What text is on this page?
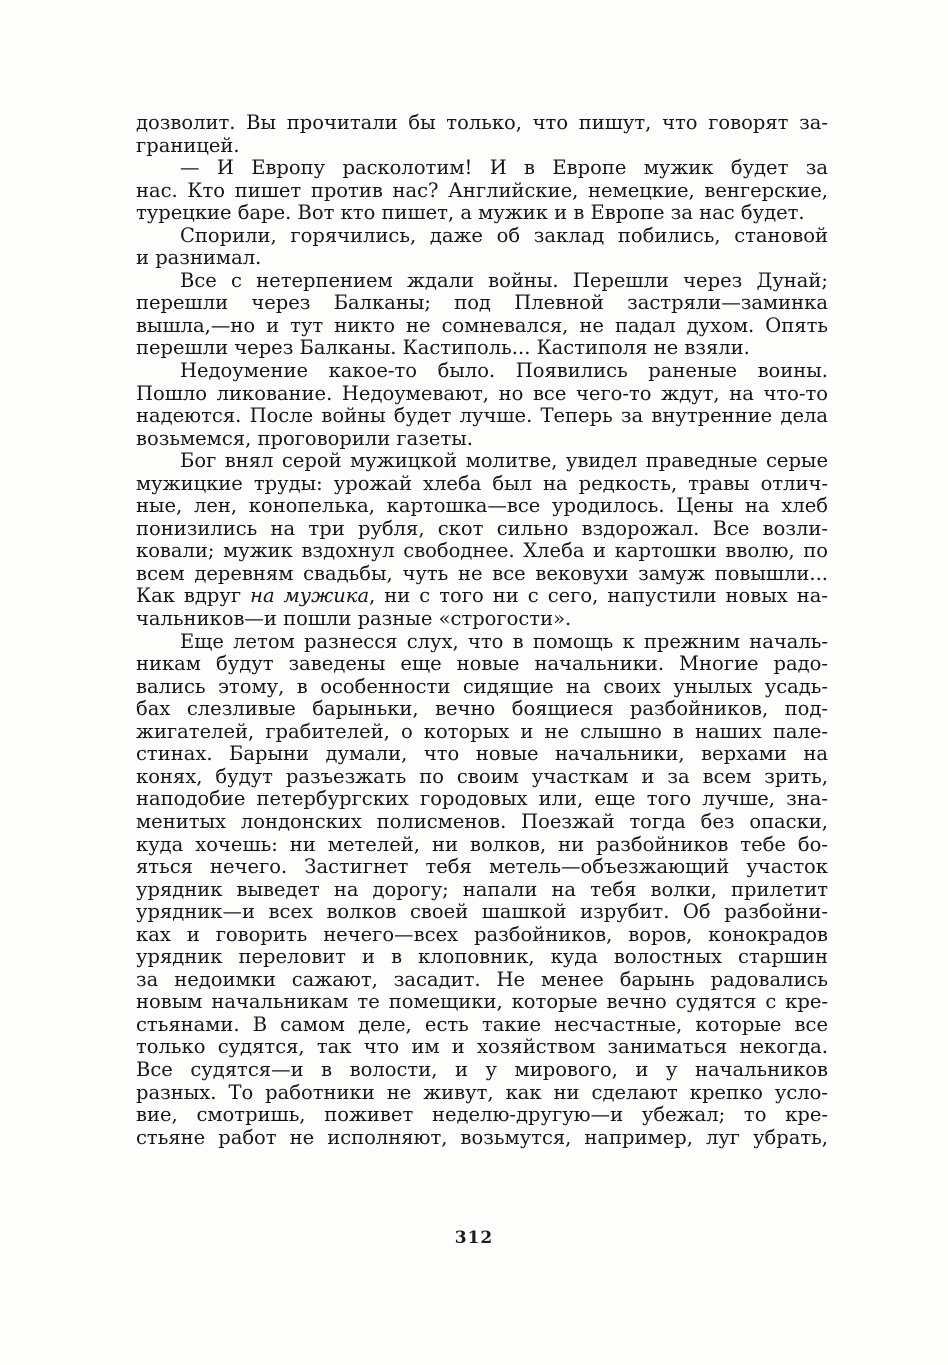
дозволит. Вы прочитали бы только, что пишут, что говорят за-
границей.
— И Европу расколотим! И в Европе мужик будет за
нас. Кто пишет против нас? Английские, немецкие, венгерские,
турецкие баре. Вот кто пишет, а мужик и в Европе за нас будет.
Спорили, горячились, даже об заклад побились, становой
и разнимал.
Все с нетерпением ждали войны. Перешли через Дунай;
перешли через Балканы; под Плевной застряли—заминка
вышла,—но и тут никто не сомневался, не падал духом. Опять
перешли через Балканы. Кастиполь... Кастиполя не взяли.
Недоумение какое-то было. Появились раненые воины.
Пошло ликование. Недоумевают, но все чего-то ждут, на что-то
надеются. После войны будет лучше. Теперь за внутренние дела
возьмемся, проговорили газеты.
Бог внял серой мужицкой молитве, увидел праведные серые
мужицкие труды: урожай хлеба был на редкость, травы отлич-
ные, лен, конопелька, картошка—все уродилось. Цены на хлеб
понизились на три рубля, скот сильно вздорожал. Все возли-
ковали; мужик вздохнул свободнее. Хлеба и картошки вволю, по
всем деревням свадьбы, чуть не все вековухи замуж повышли...
Как вдруг на мужика, ни с того ни с сего, напустили новых на-
чальников—и пошли разные «строгости».
Еще летом разнесся слух, что в помощь к прежним началь-
никам будут заведены еще новые начальники. Многие радо-
вались этому, в особенности сидящие на своих унылых усадь-
бах слезливые барыньки, вечно боящиеся разбойников, под-
жигателей, грабителей, о которых и не слышно в наших пале-
стинах. Барыни думали, что новые начальники, верхами на
конях, будут разъезжать по своим участкам и за всем зрить,
наподобие петербургских городовых или, еще того лучше, зна-
менитых лондонских полисменов. Поезжай тогда без опаски,
куда хочешь: ни метелей, ни волков, ни разбойников тебе бо-
яться нечего. Застигнет тебя метель—объезжающий участок
урядник выведет на дорогу; напали на тебя волки, прилетит
урядник—и всех волков своей шашкой изрубит. Об разбойни-
ках и говорить нечего—всех разбойников, воров, конокрадов
урядник переловит и в клоповник, куда волостных старшин
за недоимки сажают, засадит. Не менее барынь радовались
новым начальникам те помещики, которые вечно судятся с кре-
стьянами. В самом деле, есть такие несчастные, которые все
только судятся, так что им и хозяйством заниматься некогда.
Все судятся—и в волости, и у мирового, и у начальников
разных. То работники не живут, как ни сделают крепко усло-
вие, смотришь, поживет неделю-другую—и убежал; то кре-
стьяне работ не исполняют, возьмутся, например, луг убрать,
312
